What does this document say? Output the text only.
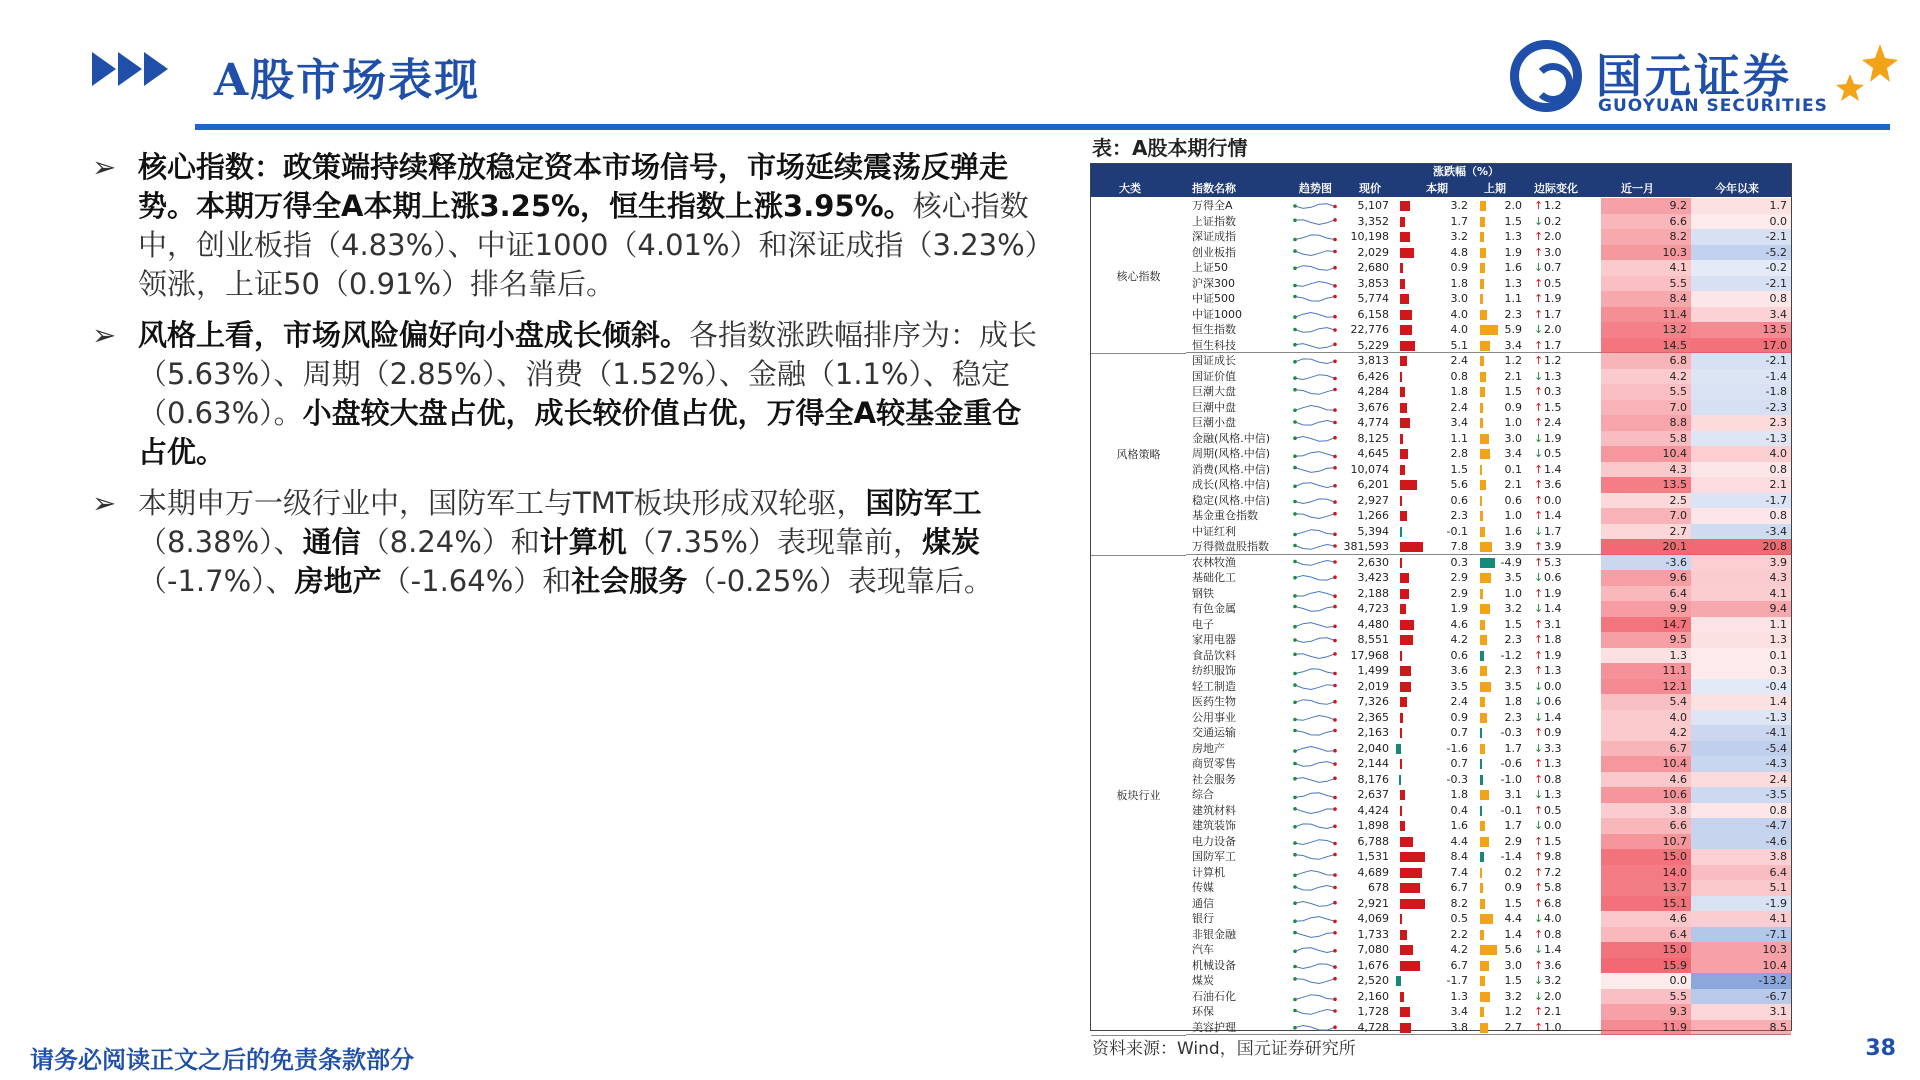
A股市场表现	国元证券
GUOYUAN SECURITIES
➢ 核心指数：政策端持续释放稳定资本市场信号，市场延续震荡反弹走势。本期万得全A本期上涨3.25%，恒生指数上涨3.95%。核心指数中，创业板指（4.83%）、中证1000（4.01%）和深证成指（3.23%）领涨，上证50（0.91%）排名靠后。
➢ 风格上看，市场风险偏好向小盘成长倾斜。各指数涨跌幅排序为：成长（5.63%）、周期（2.85%）、消费（1.52%）、金融（1.1%）、稳定（0.63%）。小盘较大盘占优，成长较价值占优，万得全A较基金重仓占优。
➢ 本期申万一级行业中，国防军工与TMT板块形成双轮驱，国防军工（8.38%）、通信（8.24%）和计算机（7.35%）表现靠前，煤炭（-1.7%）、房地产（-1.64%）和社会服务（-0.25%）表现靠后。
表：A股本期行情
涨跌幅（%）
大类	指数名称	趋势图 现价	本期	上期	边际变化	近一月	今年以来
核心指数
万得全A	5,107	3.2	2.0 ↑ 1.2	9.2	1.7
上证指数	3,352	1.7	1.5 ↓ 0.2	6.6	0.0
深证成指	10,198	3.2	1.3 ↑ 2.0	8.2	-2.1
创业板指	2,029	4.8	1.9 ↑ 3.0	10.3	-5.2
上证50	2,680	0.9	1.6 ↓ 0.7	4.1	-0.2
沪深300	3,853	1.8	1.3 ↑ 0.5	5.5	-2.1
中证500	5,774	3.0	1.1 ↑ 1.9	8.4	0.8
中证1000	6,158	4.0	2.3 ↑ 1.7	11.4	3.4
恒生指数	22,776	4.0	5.9 ↓ 2.0	13.2	13.5
恒生科技	5,229	5.1	3.4 ↑ 1.7	14.5	17.0
风格策略
国证成长	3,813	2.4	1.2 ↑ 1.2	6.8	-2.1
国证价值	6,426	0.8	2.1 ↓ 1.3	4.2	-1.4
巨潮大盘	4,284	1.8	1.5 ↑ 0.3	5.5	-1.8
巨潮中盘	3,676	2.4	0.9 ↑ 1.5	7.0	-2.3
巨潮小盘	4,774	3.4	1.0 ↑ 2.4	8.8	2.3
金融(风格.中信)	8,125	1.1	3.0 ↓ 1.9	5.8	-1.3
周期(风格.中信)	4,645	2.8	3.4 ↓ 0.5	10.4	4.0
消费(风格.中信)	10,074	1.5	0.1 ↑ 1.4	4.3	0.8
成长(风格.中信)	6,201	5.6	2.1 ↑ 3.6	13.5	2.1
稳定(风格.中信)	2,927	0.6	0.6 ↑ 0.0	2.5	-1.7
基金重仓指数	1,266	2.3	1.0 ↑ 1.4	7.0	0.8
中证红利	5,394	-0.1	1.6 ↓ 1.7	2.7	-3.4
万得微盘股指数	381,593	7.8	3.9 ↑ 3.9	20.1	20.8
板块行业
农林牧渔	2,630	0.3	-4.9 ↑ 5.3	-3.6	3.9
基础化工	3,423	2.9	3.5 ↓ 0.6	9.6	4.3
钢铁	2,188	2.9	1.0 ↑ 1.9	6.4	4.1
有色金属	4,723	1.9	3.2 ↓ 1.4	9.9	9.4
电子	4,480	4.6	1.5 ↑ 3.1	14.7	1.1
家用电器	8,551	4.2	2.3 ↑ 1.8	9.5	1.3
食品饮料	17,968	0.6	-1.2 ↑ 1.9	1.3	0.1
纺织服饰	1,499	3.6	2.3 ↑ 1.3	11.1	0.3
轻工制造	2,019	3.5	3.5 ↓ 0.0	12.1	-0.4
医药生物	7,326	2.4	1.8 ↓ 0.6	5.4	1.4
公用事业	2,365	0.9	2.3 ↓ 1.4	4.0	-1.3
交通运输	2,163	0.7	-0.3 ↑ 0.9	4.2	-4.1
房地产	2,040	-1.6	1.7 ↓ 3.3	6.7	-5.4
商贸零售	2,144	0.7	-0.6 ↑ 1.3	10.4	-4.3
社会服务	8,176	-0.3	-1.0 ↑ 0.8	4.6	2.4
综合	2,637	1.8	3.1 ↓ 1.3	10.6	-3.5
建筑材料	4,424	0.4	-0.1 ↑ 0.5	3.8	0.8
建筑装饰	1,898	1.6	1.7 ↓ 0.0	6.6	-4.7
电力设备	6,788	4.4	2.9 ↑ 1.5	10.7	-4.6
国防军工	1,531	8.4	-1.4 ↑ 9.8	15.0	3.8
计算机	4,689	7.4	0.2 ↑ 7.2	14.0	6.4
传媒	678	6.7	0.9 ↑ 5.8	13.7	5.1
通信	2,921	8.2	1.5 ↑ 6.8	15.1	-1.9
银行	4,069	0.5	4.4 ↓ 4.0	4.6	4.1
非银金融	1,733	2.2	1.4 ↑ 0.8	6.4	-7.1
汽车	7,080	4.2	5.6 ↓ 1.4	15.0	10.3
机械设备	1,676	6.7	3.0 ↑ 3.6	15.9	10.4
煤炭	2,520	-1.7	1.5 ↓ 3.2	0.0	-13.2
石油石化	2,160	1.3	3.2 ↓ 2.0	5.5	-6.7
环保	1,728	3.4	1.2 ↑ 2.1	9.3	3.1
美容护理	4,728	3.8	2.7 ↑ 1.0	11.9	8.5
资料来源：Wind，国元证券研究所
请务必阅读正文之后的免责条款部分	38
